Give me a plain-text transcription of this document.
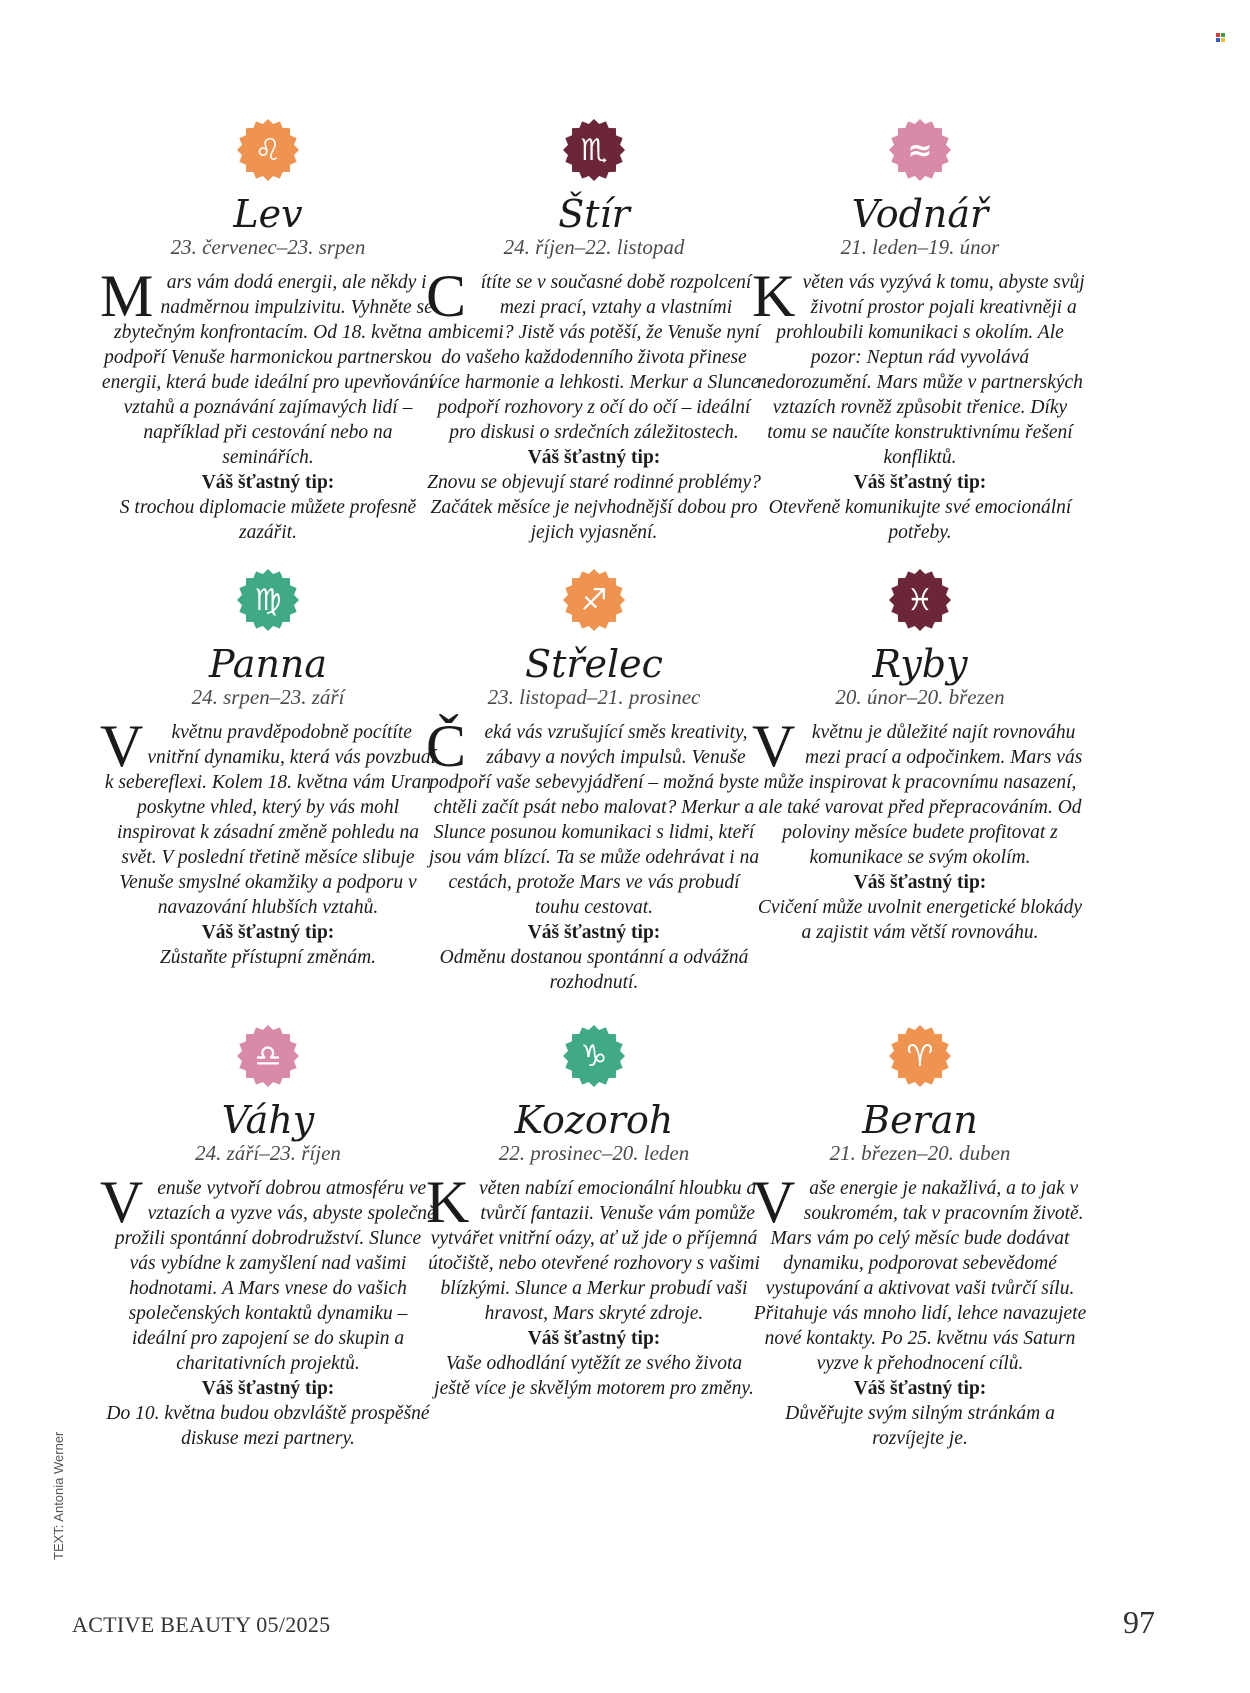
♌
Lev
23. červenec–23. srpen
Mars vám dodá energii, ale někdy i nadměrnou impulzivitu. Vyhněte se zbytečným konfrontacím. Od 18. května podpoří Venuše harmonickou partnerskou energii, která bude ideální pro upevňování vztahů a poznávání zajímavých lidí – například při cestování nebo na seminářích.
Váš šťastný tip:
S trochou diplomacie můžete profesně zazářit.
♏
Štír
24. říjen–22. listopad
Cítíte se v současné době rozpolcení mezi prací, vztahy a vlastními ambicemi? Jistě vás potěší, že Venuše nyní do vašeho každodenního života přinese více harmonie a lehkosti. Merkur a Slunce podpoří rozhovory z očí do očí – ideální pro diskusi o srdečních záležitostech.
Váš šťastný tip:
Znovu se objevují staré rodinné problémy? Začátek měsíce je nejvhodnější dobou pro jejich vyjasnění.
≈
Vodnář
21. leden–19. únor
Květen vás vyzývá k tomu, abyste svůj životní prostor pojali kreativněji a prohloubili komunikaci s okolím. Ale pozor: Neptun rád vyvolává nedorozumění. Mars může v partnerských vztazích rovněž způsobit třenice. Díky tomu se naučíte konstruktivnímu řešení konfliktů.
Váš šťastný tip:
Otevřeně komunikujte své emocionální potřeby.
♍
Panna
24. srpen–23. září
V květnu pravděpodobně pocítíte vnitřní dynamiku, která vás povzbudí k sebereflexi. Kolem 18. května vám Uran poskytne vhled, který by vás mohl inspirovat k zásadní změně pohledu na svět. V poslední třetině měsíce slibuje Venuše smyslné okamžiky a podporu v navazování hlubších vztahů.
Váš šťastný tip:
Zůstaňte přístupní změnám.
♐
Střelec
23. listopad–21. prosinec
Čeká vás vzrušující směs kreativity, zábavy a nových impulsů. Venuše podpoří vaše sebevyjádření – možná byste chtěli začít psát nebo malovat? Merkur a Slunce posunou komunikaci s lidmi, kteří jsou vám blízcí. Ta se může odehrávat i na cestách, protože Mars ve vás probudí touhu cestovat.
Váš šťastný tip:
Odměnu dostanou spontánní a odvážná rozhodnutí.
♓
Ryby
20. únor–20. březen
Vkvětnu je důležité najít rovnováhu mezi prací a odpočinkem. Mars vás může inspirovat k pracovnímu nasazení, ale také varovat před přepracováním. Od poloviny měsíce budete profitovat z komunikace se svým okolím.
Váš šťastný tip:
Cvičení může uvolnit energetické blokády a zajistit vám větší rovnováhu.
♎
Váhy
24. září–23. říjen
Venuše vytvoří dobrou atmosféru ve vztazích a vyzve vás, abyste společně prožili spontánní dobrodružství. Slunce vás vybídne k zamyšlení nad vašimi hodnotami. A Mars vnese do vašich společenských kontaktů dynamiku – ideální pro zapojení se do skupin a charitativních projektů.
Váš šťastný tip:
Do 10. května budou obzvláště prospěšné diskuse mezi partnery.
♑
Kozoroh
22. prosinec–20. leden
Květen nabízí emocionální hloubku a tvůrčí fantazii. Venuše vám pomůže vytvářet vnitřní oázy, ať už jde o příjemná útočiště, nebo otevřené rozhovory s vašimi blízkými. Slunce a Merkur probudí vaši hravost, Mars skryté zdroje.
Váš šťastný tip:
Vaše odhodlání vytěžít ze svého života ještě více je skvělým motorem pro změny.
♈
Beran
21. březen–20. duben
Vaše energie je nakažlivá, a to jak v soukromém, tak v pracovním životě. Mars vám po celý měsíc bude dodávat dynamiku, podporovat sebevědomé vystupování a aktivovat vaši tvůrčí sílu. Přitahuje vás mnoho lidí, lehce navazujete nové kontakty. Po 25. květnu vás Saturn vyzve k přehodnocení cílů.
Váš šťastný tip:
Důvěřujte svým silným stránkám a rozvíjejte je.
TEXT: Antonia Werner
ACTIVE BEAUTY 05/2025	97
